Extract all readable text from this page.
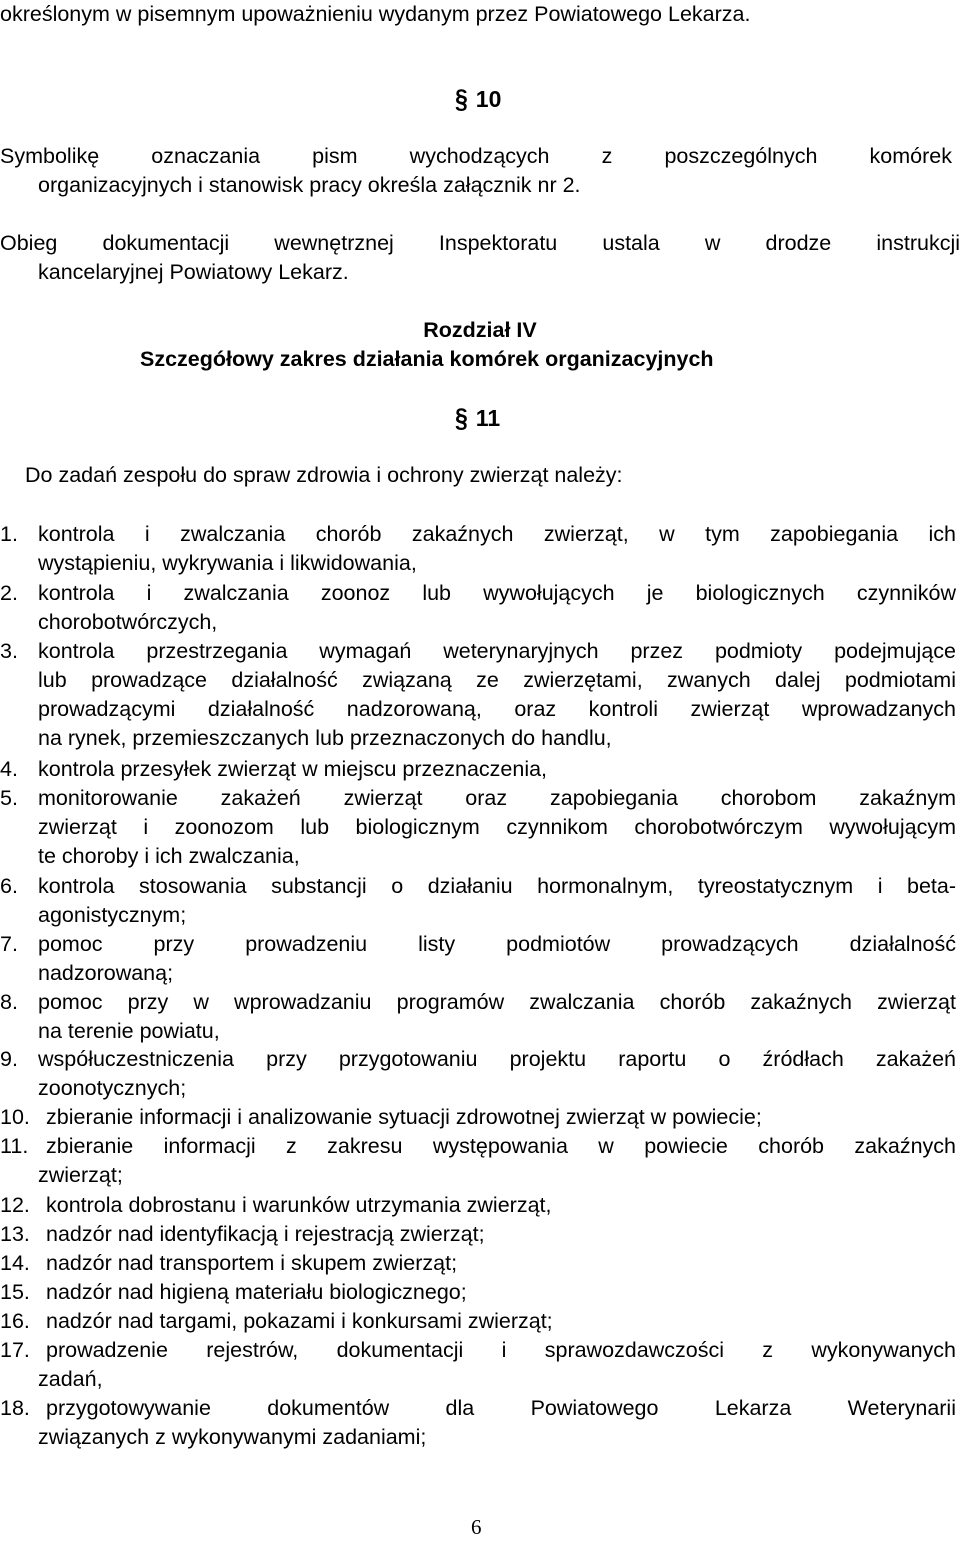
określonym w pisemnym upoważnieniu wydanym przez Powiatowego Lekarza.
§ 10
Symbolikę oznaczania pism wychodzących z poszczególnych komórek
organizacyjnych i stanowisk pracy określa załącznik nr 2.
Obieg dokumentacji wewnętrznej Inspektoratu ustala w drodze instrukcji
kancelaryjnej Powiatowy Lekarz.
Rozdział IV
Szczegółowy zakres działania komórek organizacyjnych
§ 11
Do zadań zespołu do spraw zdrowia i ochrony zwierząt należy:
1. kontrola i zwalczania chorób zakaźnych zwierząt, w tym zapobiegania ich
wystąpieniu, wykrywania i likwidowania,
2. kontrola i zwalczania zoonoz lub wywołujących je biologicznych czynników
chorobotwórczych,
3. kontrola przestrzegania wymagań weterynaryjnych przez podmioty podejmujące
lub prowadzące działalność związaną ze zwierzętami, zwanych dalej podmiotami
prowadzącymi działalność nadzorowaną, oraz kontroli zwierząt wprowadzanych
na rynek, przemieszczanych lub przeznaczonych do handlu,
4. kontrola przesyłek zwierząt w miejscu przeznaczenia,
5. monitorowanie zakażeń zwierząt oraz zapobiegania chorobom zakaźnym
zwierząt i zoonozom lub biologicznym czynnikom chorobotwórczym wywołującym
te choroby i ich zwalczania,
6. kontrola stosowania substancji o działaniu hormonalnym, tyreostatycznym i beta-
agonistycznym;
7. pomoc przy prowadzeniu listy podmiotów prowadzących działalność
nadzorowaną;
8. pomoc przy w wprowadzaniu programów zwalczania chorób zakaźnych zwierząt
na terenie powiatu,
9. współuczestniczenia przy przygotowaniu projektu raportu o źródłach zakażeń
zoonotycznych;
10. zbieranie informacji i analizowanie sytuacji zdrowotnej zwierząt w powiecie;
11. zbieranie informacji z zakresu występowania w powiecie chorób zakaźnych
zwierząt;
12. kontrola dobrostanu i warunków utrzymania zwierząt,
13. nadzór nad identyfikacją i rejestracją zwierząt;
14. nadzór nad transportem i skupem zwierząt;
15. nadzór nad higieną materiału biologicznego;
16. nadzór nad targami, pokazami i konkursami zwierząt;
17. prowadzenie rejestrów, dokumentacji i sprawozdawczości z wykonywanych
zadań,
18. przygotowywanie dokumentów dla Powiatowego Lekarza Weterynarii
związanych z wykonywanymi zadaniami;
6
